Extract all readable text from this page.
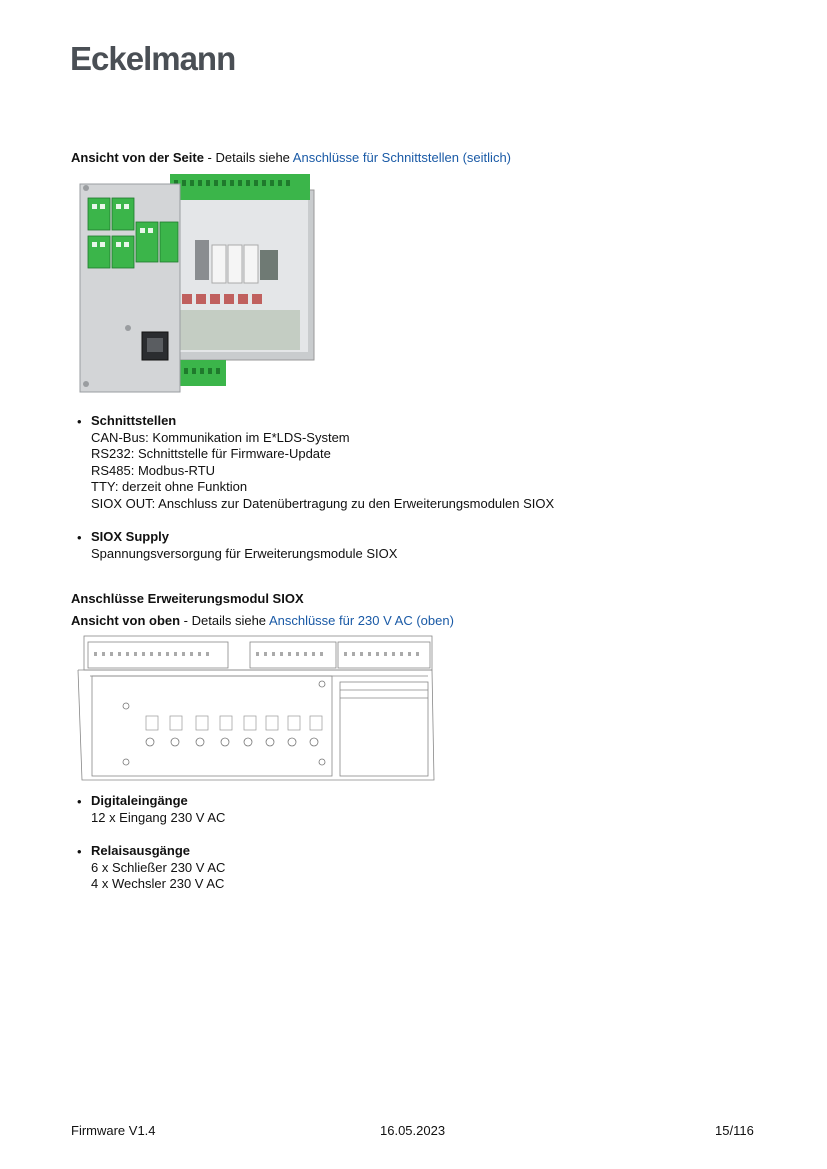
Eckelmann
Ansicht von der Seite - Details siehe Anschlüsse für Schnittstellen (seitlich)
• Schnittstellen
CAN-Bus: Kommunikation im E*LDS-System
RS232: Schnittstelle für Firmware-Update
RS485: Modbus-RTU
TTY: derzeit ohne Funktion
SIOX OUT: Anschluss zur Datenübertragung zu den Erweiterungsmodulen SIOX
• SIOX Supply
Spannungsversorgung für Erweiterungsmodule SIOX
Anschlüsse Erweiterungsmodul SIOX
Ansicht von oben - Details siehe Anschlüsse für 230 V AC (oben)
• Digitaleingänge
12 x Eingang 230 V AC
• Relaisausgänge
6 x Schließer 230 V AC
4 x Wechsler 230 V AC
Firmware V1.4	16.05.2023	15/116
